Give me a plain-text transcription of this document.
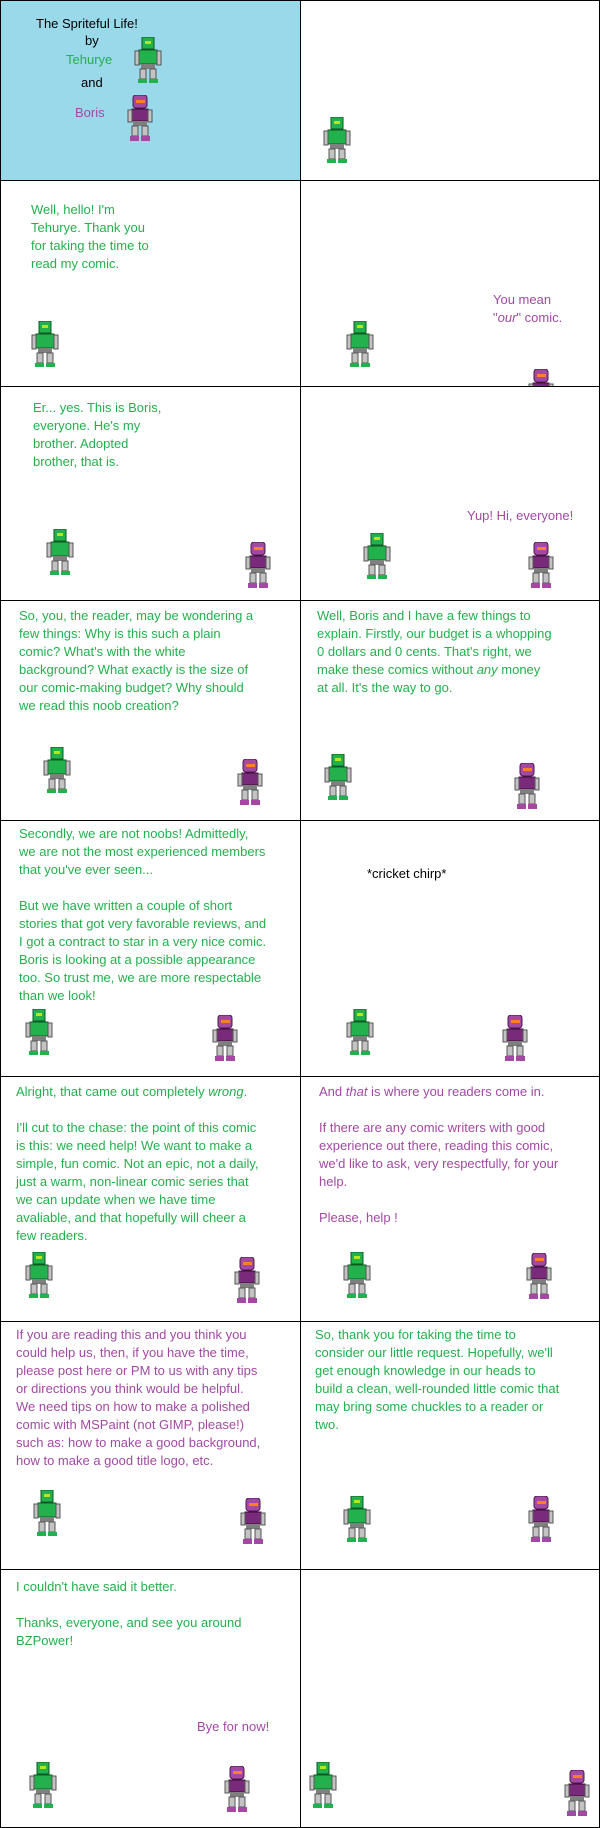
The Spriteful Life!
by
Tehurye
and
Boris
Well, hello! I'm
Tehurye. Thank you
for taking the time to
read my comic.
You mean
"our" comic.
Er... yes. This is Boris,
everyone. He's my
brother. Adopted
brother, that is.
Yup! Hi, everyone!
So, you, the reader, may be wondering a
few things: Why is this such a plain
comic? What's with the white
background? What exactly is the size of
our comic-making budget? Why should
we read this noob creation?
Well, Boris and I have a few things to
explain. Firstly, our budget is a whopping
0 dollars and 0 cents. That's right, we
make these comics without any money
at all. It's the way to go.
Secondly, we are not noobs! Admittedly,
we are not the most experienced members
that you've ever seen...

But we have written a couple of short
stories that got very favorable reviews, and
I got a contract to star in a very nice comic.
Boris is looking at a possible appearance
too. So trust me, we are more respectable
than we look!
*cricket chirp*
Alright, that came out completely wrong.

I'll cut to the chase: the point of this comic
is this: we need help! We want to make a
simple, fun comic. Not an epic, not a daily,
just a warm, non-linear comic series that
we can update when we have time
avaliable, and that hopefully will cheer a
few readers.
And that is where you readers come in.

If there are any comic writers with good
experience out there, reading this comic,
we'd like to ask, very respectfully, for your
help.

Please, help !
If you are reading this and you think you
could help us, then, if you have the time,
please post here or PM to us with any tips
or directions you think would be helpful.
We need tips on how to make a polished
comic with MSPaint (not GIMP, please!)
such as: how to make a good background,
how to make a good title logo, etc.
So, thank you for taking the time to
consider our little request. Hopefully, we'll
get enough knowledge in our heads to
build a clean, well-rounded little comic that
may bring some chuckles to a reader or
two.
I couldn't have said it better.

Thanks, everyone, and see you around
BZPower!
Bye for now!
